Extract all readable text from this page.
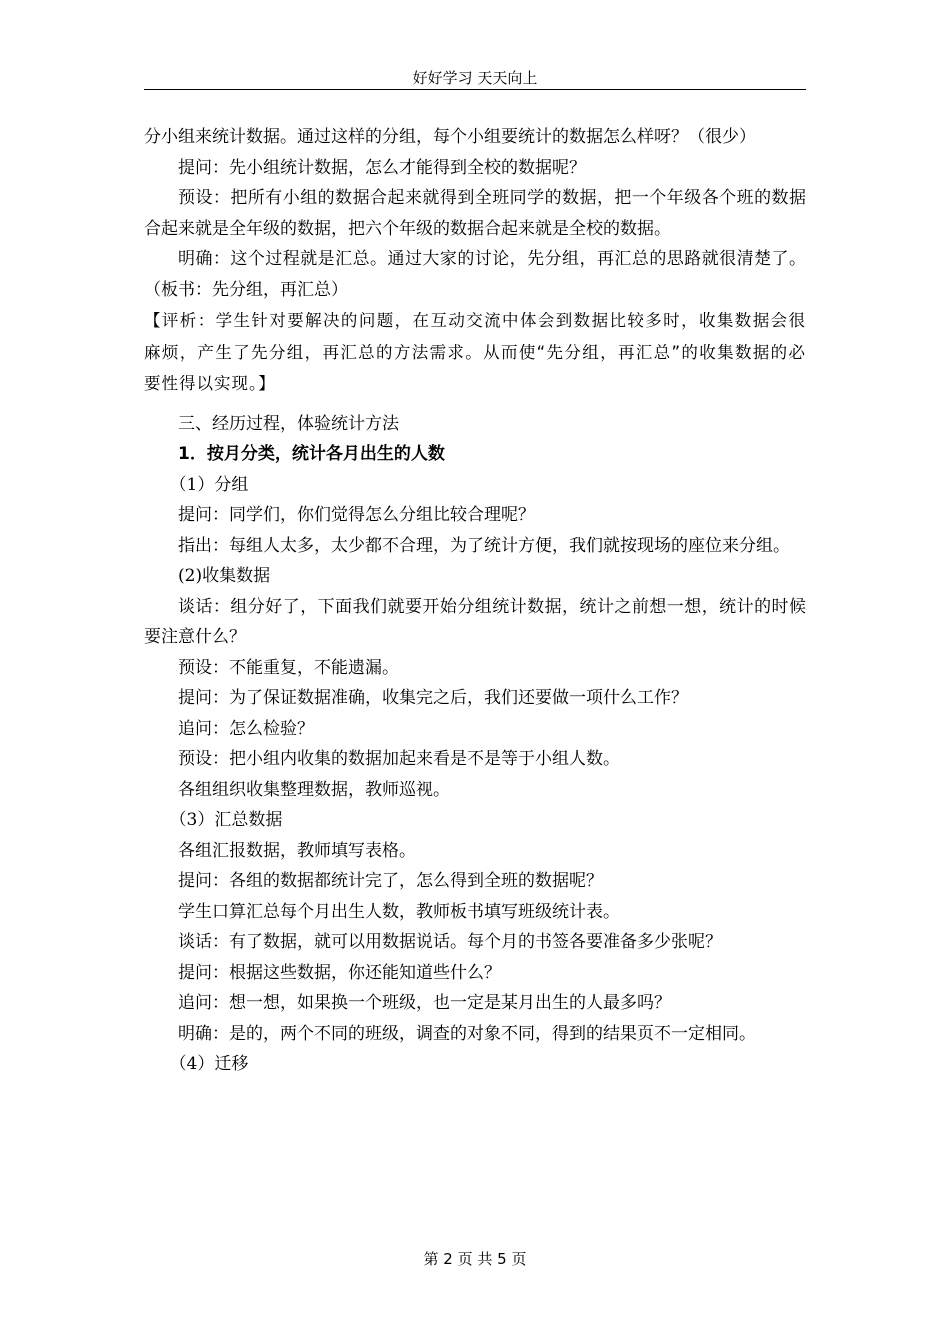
好好学习 天天向上

分小组来统计数据。通过这样的分组，每个小组要统计的数据怎么样呀？（很少）

提问：先小组统计数据，怎么才能得到全校的数据呢？

预设：把所有小组的数据合起来就得到全班同学的数据，把一个年级各个班的数据合起来就是全年级的数据，把六个年级的数据合起来就是全校的数据。

明确：这个过程就是汇总。通过大家的讨论，先分组，再汇总的思路就很清楚了。（板书：先分组，再汇总）

【评析：学生针对要解决的问题，在互动交流中体会到数据比较多时，收集数据会很麻烦，产生了先分组，再汇总的方法需求。从而使“先分组，再汇总”的收集数据的必要性得以实现。】

三、经历过程，体验统计方法

1．按月分类，统计各月出生的人数

（1）分组

提问：同学们，你们觉得怎么分组比较合理呢？

指出：每组人太多，太少都不合理，为了统计方便，我们就按现场的座位来分组。

(2)收集数据

谈话：组分好了，下面我们就要开始分组统计数据，统计之前想一想，统计的时候要注意什么？

预设：不能重复，不能遗漏。

提问：为了保证数据准确，收集完之后，我们还要做一项什么工作？

追问：怎么检验？

预设：把小组内收集的数据加起来看是不是等于小组人数。

各组组织收集整理数据，教师巡视。

（3）汇总数据

各组汇报数据，教师填写表格。

提问：各组的数据都统计完了，怎么得到全班的数据呢？

学生口算汇总每个月出生人数，教师板书填写班级统计表。

谈话：有了数据，就可以用数据说话。每个月的书签各要准备多少张呢？

提问：根据这些数据，你还能知道些什么？

追问：想一想，如果换一个班级，也一定是某月出生的人最多吗？

明确：是的，两个不同的班级，调查的对象不同，得到的结果页不一定相同。

（4）迁移

第 2 页 共 5 页
